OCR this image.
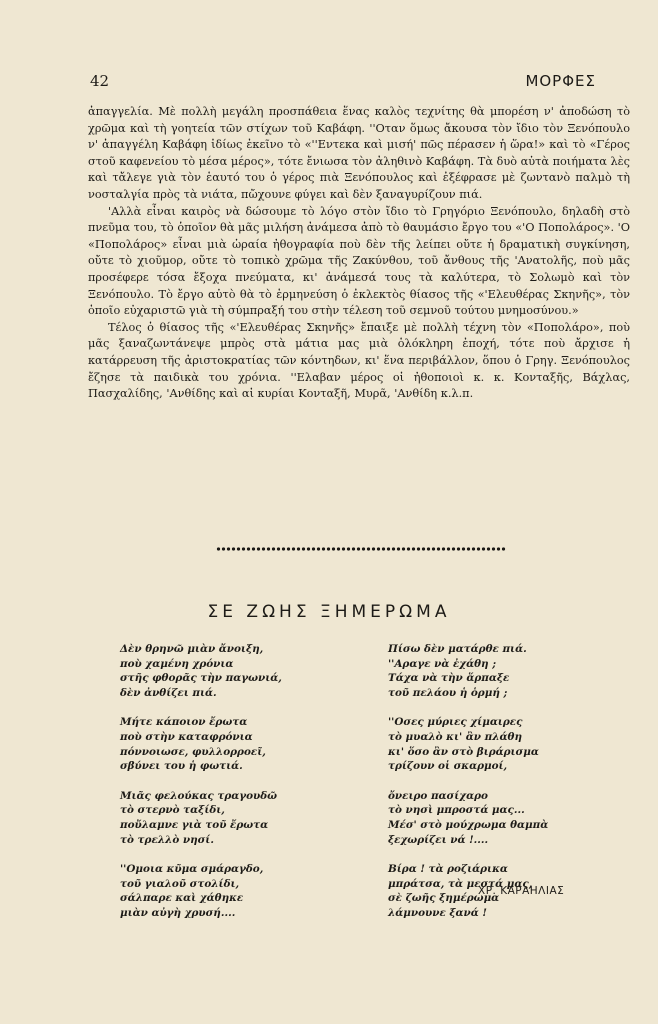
42	ΜΟΡΦΕΣ

ἀπαγγελία. Μὲ πολλὴ μεγάλη προσπάθεια ἕνας καλὸς τεχνίτης θὰ μπορέση ν' ἀποδώση τὸ χρῶμα καὶ τὴ γοητεία τῶν στίχων τοῦ Καβάφη. ''Οταν ὅμως ἄκουσα τὸν ἴδιο τὸν Ξενόπουλο ν' ἀπαγγέλη Καβάφη ἰδίως ἐκεῖνο τὸ «''Εντεκα καὶ μισή' πῶς πέρασεν ἡ ὥρα!» καὶ τὸ «Γέρος στοῦ καφενείου τὸ μέσα μέρος», τότε ἔνιωσα τὸν ἀληθινὸ Καβάφη. Τὰ δυὸ αὐτὰ ποιήματα λὲς καὶ τἄλεγε γιὰ τὸν ἑαυτό του ὁ γέρος πιὰ Ξενόπουλος καὶ ἐξέφρασε μὲ ζωντανὸ παλμὸ τὴ νοσταλγία πρὸς τὰ νιάτα, πὤχουνε φύγει καὶ δὲν ξαναγυρίζουν πιά.

'Αλλὰ εἶναι καιρὸς νὰ δώσουμε τὸ λόγο στὸν ἴδιο τὸ Γρηγόριο Ξενόπουλο, δηλαδὴ στὸ πνεῦμα του, τὸ ὁποῖον θὰ μᾶς μιλήση ἀνάμεσα ἀπὸ τὸ θαυμάσιο ἔργο του «'Ο Ποπολάρος». 'Ο «Ποπολάρος» εἶναι μιὰ ὡραία ἠθογραφία ποὺ δὲν τῆς λείπει οὔτε ἡ δραματικὴ συγκίνηση, οὔτε τὸ χιοῦμορ, οὔτε τὸ τοπικὸ χρῶμα τῆς Ζακύνθου, τοῦ ἄνθους τῆς 'Ανατολῆς, ποὺ μᾶς προσέφερε τόσα ἔξοχα πνεύματα, κι' ἀνάμεσά τους τὰ καλύτερα, τὸ Σολωμὸ καὶ τὸν Ξενόπουλο. Τὸ ἔργο αὐτὸ θὰ τὸ ἑρμηνεύση ὁ ἐκλεκτὸς θίασος τῆς «'Ελευθέρας Σκηνῆς», τὸν ὁποῖο εὐχαριστῶ γιὰ τὴ σύμπραξή του στὴν τέλεση τοῦ σεμνοῦ τούτου μνημοσύνου.»

Τέλος ὁ θίασος τῆς «'Ελευθέρας Σκηνῆς» ἔπαιξε μὲ πολλὴ τέχνη τὸν «Ποπολάρο», ποὺ μᾶς ξαναζωντάνεψε μπρὸς στὰ μάτια μας μιὰ ὁλόκληρη ἐποχή, τότε ποὺ ἄρχισε ἡ κατάρρευση τῆς ἀριστοκρατίας τῶν κόντηδων, κι' ἕνα περιβάλλον, ὅπου ὁ Γρηγ. Ξενόπουλος ἔζησε τὰ παιδικὰ του χρόνια. ''Ελαβαν μέρος οἱ ἠθοποιοὶ κ. κ. Κονταξῆς, Βάχλας, Πασχαλίδης, 'Ανθίδης καὶ αἱ κυρίαι Κονταξῆ, Μυρᾶ, 'Ανθίδη κ.λ.π.

ΣΕ ΖΩΗΣ ΞΗΜΕΡΩΜΑ
Δὲν θρηνῶ μιὰν ἄνοιξη,
ποὺ χαμένη χρόνια
στῆς φθορᾶς τὴν παγωνιά,
δὲν ἀνθίζει πιά.
Μήτε κάποιον ἔρωτα
ποὺ στὴν καταφρόνια
πόννοιωσε, φυλλορροεῖ,
σβύνει του ἡ φωτιά.
Μιᾶς φελούκας τραγουδῶ
τὸ στερνὸ ταξίδι,
ποὔλαμνε γιὰ τοῦ ἔρωτα
τὸ τρελλὸ νησί.
''Ομοια κῦμα σμάραγδο,
τοῦ γιαλοῦ στολίδι,
σάλπαρε καὶ χάθηκε
μιὰν αὐγὴ χρυσή....
Πίσω δὲν ματάρθε πιά.
''Αραγε νὰ ἐχάθη ;
Τάχα νὰ τὴν ἅρπαξε
τοῦ πελάου ἡ ὁρμή ;
''Οσες μύριες χίμαιρες
τὸ μυαλὸ κι' ἂν πλάθη
κι' ὅσο ἂν στὸ βιράρισμα
τρίζουν οἱ σκαρμοί,
ὄνειρο πασίχαρο
τὸ νησὶ μπροστά μας...
Μέσ' στὸ μούχρωμα θαμπὰ
ξεχωρίζει νά !....
Βίρα ! τὰ ροζιάρικα
μπράτσα, τὰ μεστά μας,
σὲ ζωῆς ξημέρωμα
λάμνουνε ξανά !
ΧΡ. ΚΑΡΑΗΛΙΑΣ
